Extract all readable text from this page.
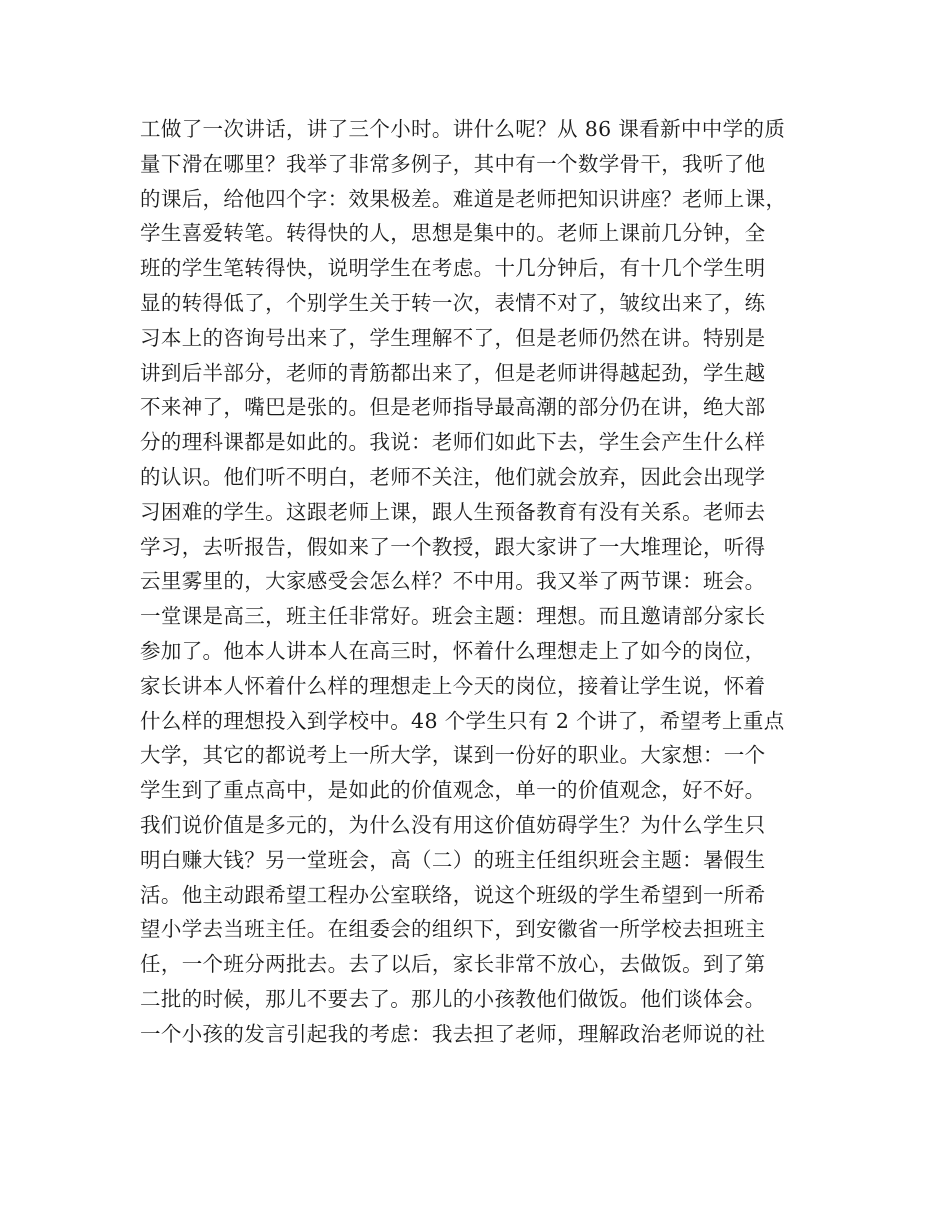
工做了一次讲话，讲了三个小时。讲什么呢？从 86 课看新中中学的质
量下滑在哪里？我举了非常多例子，其中有一个数学骨干，我听了他
的课后，给他四个字：效果极差。难道是老师把知识讲座？老师上课，
学生喜爱转笔。转得快的人，思想是集中的。老师上课前几分钟，全
班的学生笔转得快，说明学生在考虑。十几分钟后，有十几个学生明
显的转得低了，个别学生关于转一次，表情不对了，皱纹出来了，练
习本上的咨询号出来了，学生理解不了，但是老师仍然在讲。特别是
讲到后半部分，老师的青筋都出来了，但是老师讲得越起劲，学生越
不来神了，嘴巴是张的。但是老师指导最高潮的部分仍在讲，绝大部
分的理科课都是如此的。我说：老师们如此下去，学生会产生什么样
的认识。他们听不明白，老师不关注，他们就会放弃，因此会出现学
习困难的学生。这跟老师上课，跟人生预备教育有没有关系。老师去
学习，去听报告，假如来了一个教授，跟大家讲了一大堆理论，听得
云里雾里的，大家感受会怎么样？不中用。我又举了两节课：班会。
一堂课是高三，班主任非常好。班会主题：理想。而且邀请部分家长
参加了。他本人讲本人在高三时，怀着什么理想走上了如今的岗位，
家长讲本人怀着什么样的理想走上今天的岗位，接着让学生说，怀着
什么样的理想投入到学校中。48 个学生只有 2 个讲了，希望考上重点
大学，其它的都说考上一所大学，谋到一份好的职业。大家想：一个
学生到了重点高中，是如此的价值观念，单一的价值观念，好不好。
我们说价值是多元的，为什么没有用这价值妨碍学生？为什么学生只
明白赚大钱？另一堂班会，高（二）的班主任组织班会主题：暑假生
活。他主动跟希望工程办公室联络，说这个班级的学生希望到一所希
望小学去当班主任。在组委会的组织下，到安徽省一所学校去担班主
任，一个班分两批去。去了以后，家长非常不放心，去做饭。到了第
二批的时候，那儿不要去了。那儿的小孩教他们做饭。他们谈体会。
一个小孩的发言引起我的考虑：我去担了老师，理解政治老师说的社
